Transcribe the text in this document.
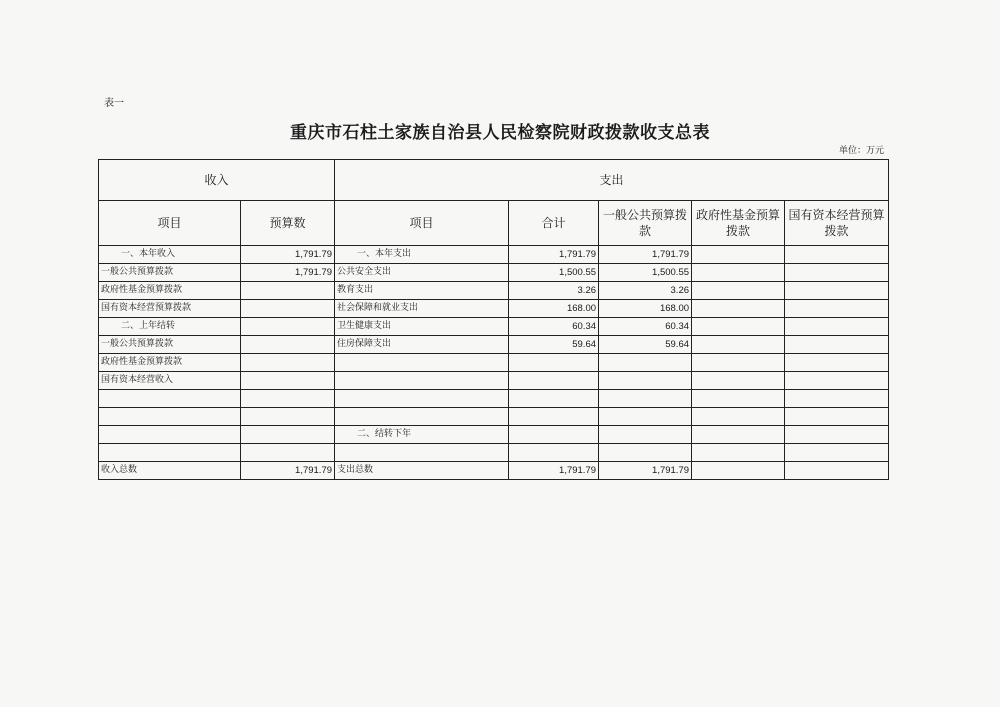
表一
重庆市石柱土家族自治县人民检察院财政拨款收支总表
单位：万元
收入		支出				
项目	预算数	项目	合计	一般公共预算拨款	政府性基金预算拨款	国有资本经营预算拨款
一、本年收入	1,791.79	一、本年支出	1,791.79	1,791.79		
一般公共预算拨款	1,791.79	公共安全支出	1,500.55	1,500.55		
政府性基金预算拨款		教育支出	3.26	3.26		
国有资本经营预算拨款		社会保障和就业支出	168.00	168.00		
二、上年结转		卫生健康支出	60.34	60.34		
一般公共预算拨款		住房保障支出	59.64	59.64		
政府性基金预算拨款						
国有资本经营收入						

		二、结转下年				

收入总数	1,791.79	支出总数	1,791.79	1,791.79		
